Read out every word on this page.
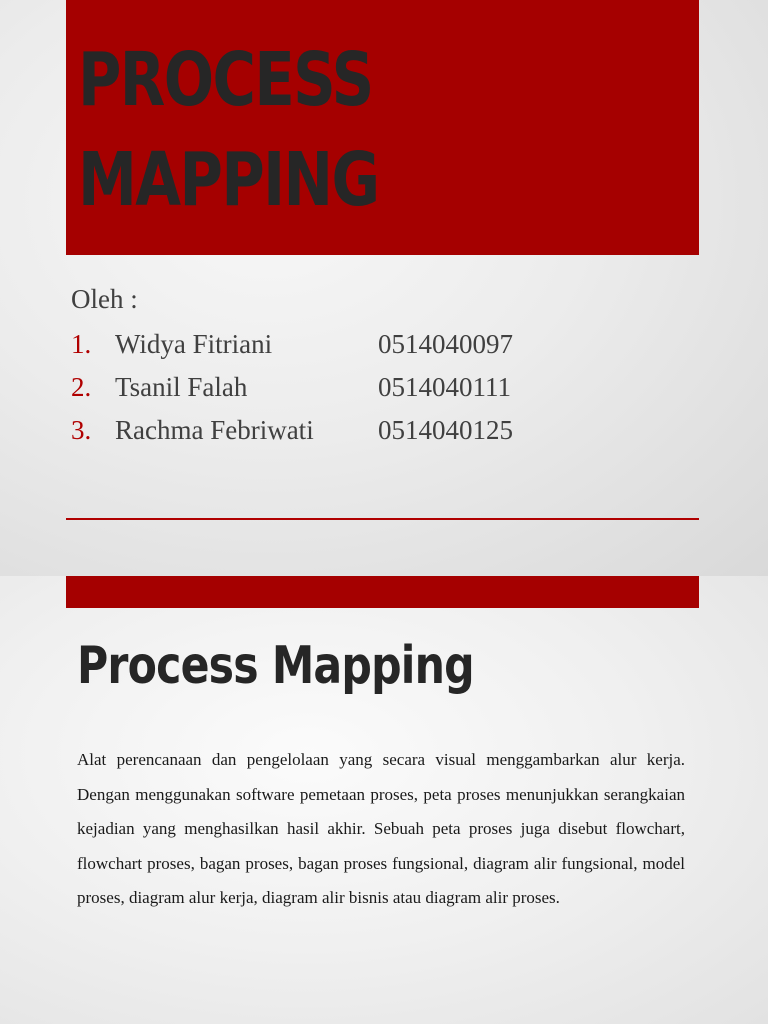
PROCESS
MAPPING
Oleh :
1. Widya Fitriani	0514040097
2. Tsanil Falah	0514040111
3. Rachma Febriwati 0514040125
Process Mapping

Alat perencanaan dan pengelolaan yang secara visual menggambarkan alur kerja. Dengan menggunakan software pemetaan proses, peta proses menunjukkan serangkaian kejadian yang menghasilkan hasil akhir. Sebuah peta proses juga disebut flowchart, flowchart proses, bagan proses, bagan proses fungsional, diagram alir fungsional, model proses, diagram alur kerja, diagram alir bisnis atau diagram alir proses.
